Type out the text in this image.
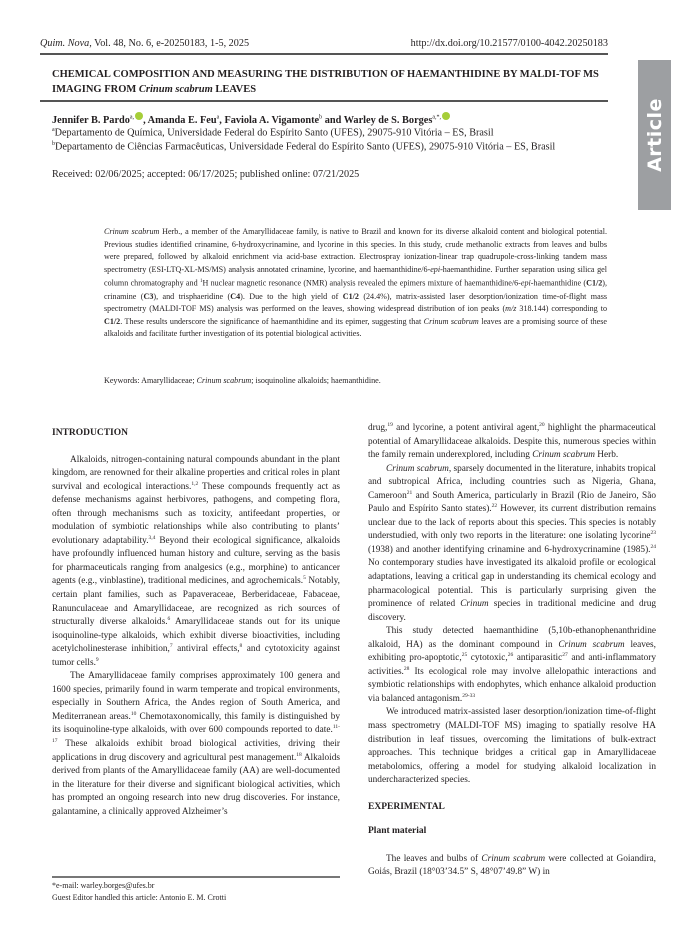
Quim. Nova, Vol. 48, No. 6, e-20250183, 1-5, 2025	http://dx.doi.org/10.21577/0100-4042.20250183
Article
CHEMICAL COMPOSITION AND MEASURING THE DISTRIBUTION OF HAEMANTHIDINE BY MALDI-TOF MS IMAGING FROM Crinum scabrum LEAVES
Jennifer B. Pardo$^{a,}$ , Amanda E. Feu$^a$, Faviola A. Vigamonte$^b$ and Warley de S. Borges$^{a,*,}$
$^a$Departamento de Química, Universidade Federal do Espírito Santo (UFES), 29075-910 Vitória – ES, Brasil
$^b$Departamento de Ciências Farmacêuticas, Universidade Federal do Espírito Santo (UFES), 29075-910 Vitória – ES, Brasil
Received: 02/06/2025; accepted: 06/17/2025; published online: 07/21/2025
Crinum scabrum Herb., a member of the Amaryllidaceae family, is native to Brazil and known for its diverse alkaloid content and biological potential. Previous studies identified crinamine, 6-hydroxycrinamine, and lycorine in this species. In this study, crude methanolic extracts from leaves and bulbs were prepared, followed by alkaloid enrichment via acid-base extraction. Electrospray ionization-linear trap quadrupole-cross-linking tandem mass spectrometry (ESI-LTQ-XL-MS/MS) analysis annotated crinamine, lycorine, and haemanthidine/6-epi-haemanthidine. Further separation using silica gel column chromatography and $^1$H nuclear magnetic resonance (NMR) analysis revealed the epimers mixture of haemanthidine/6-epi-haemanthidine (C1/2), crinamine (C3), and trisphaeridine (C4). Due to the high yield of C1/2 (24.4%), matrix-assisted laser desorption/ionization time-of-flight mass spectrometry (MALDI-TOF MS) analysis was performed on the leaves, showing widespread distribution of ion peaks (m/z 318.144) corresponding to C1/2. These results underscore the significance of haemanthidine and its epimer, suggesting that Crinum scabrum leaves are a promising source of these alkaloids and facilitate further investigation of its potential biological activities.
Keywords: Amaryllidaceae; Crinum scabrum; isoquinoline alkaloids; haemanthidine.

INTRODUCTION

Alkaloids, nitrogen-containing natural compounds abundant in the plant kingdom, are renowned for their alkaline properties and critical roles in plant survival and ecological interactions.$^{1,2}$ These compounds frequently act as defense mechanisms against herbivores, pathogens, and competing flora, often through mechanisms such as toxicity, antifeedant properties, or modulation of symbiotic relationships while also contributing to plants’ evolutionary adaptability.$^{3,4}$ Beyond their ecological significance, alkaloids have profoundly influenced human history and culture, serving as the basis for pharmaceuticals ranging from analgesics (e.g., morphine) to anticancer agents (e.g., vinblastine), traditional medicines, and agrochemicals.$^5$ Notably, certain plant families, such as Papaveraceae, Berberidaceae, Fabaceae, Ranunculaceae and Amaryllidaceae, are recognized as rich sources of structurally diverse alkaloids.$^6$ Amaryllidaceae stands out for its unique isoquinoline-type alkaloids, which exhibit diverse bioactivities, including acetylcholinesterase inhibition,$^7$ antiviral effects,$^8$ and cytotoxicity against tumor cells.$^9$

The Amaryllidaceae family comprises approximately 100 genera and 1600 species, primarily found in warm temperate and tropical environments, especially in Southern Africa, the Andes region of South America, and Mediterranean areas.$^{10}$ Chemotaxonomically, this family is distinguished by its isoquinoline-type alkaloids, with over 600 compounds reported to date.$^{11-17}$ These alkaloids exhibit broad biological activities, driving their applications in drug discovery and agricultural pest management.$^{18}$ Alkaloids derived from plants of the Amaryllidaceae family (AA) are well-documented in the literature for their diverse and significant biological activities, which has prompted an ongoing research into new drug discoveries. For instance, galantamine, a clinically approved Alzheimer’s

drug,$^{19}$ and lycorine, a potent antiviral agent,$^{20}$ highlight the pharmaceutical potential of Amaryllidaceae alkaloids. Despite this, numerous species within the family remain underexplored, including Crinum scabrum Herb.

Crinum scabrum, sparsely documented in the literature, inhabits tropical and subtropical Africa, including countries such as Nigeria, Ghana, Cameroon$^{21}$ and South America, particularly in Brazil (Rio de Janeiro, São Paulo and Espírito Santo states).$^{22}$ However, its current distribution remains unclear due to the lack of reports about this species. This species is notably understudied, with only two reports in the literature: one isolating lycorine$^{23}$ (1938) and another identifying crinamine and 6-hydroxycrinamine (1985).$^{24}$ No contemporary studies have investigated its alkaloid profile or ecological adaptations, leaving a critical gap in understanding its chemical ecology and pharmacological potential. This is particularly surprising given the prominence of related Crinum species in traditional medicine and drug discovery.

This study detected haemanthidine (5,10b-ethanophenanthridine alkaloid, HA) as the dominant compound in Crinum scabrum leaves, exhibiting pro-apoptotic,$^{25}$ cytotoxic,$^{26}$ antiparasitic$^{27}$ and anti-inflammatory activities.$^{28}$ Its ecological role may involve allelopathic interactions and symbiotic relationships with endophytes, which enhance alkaloid production via balanced antagonism.$^{29-33}$

We introduced matrix-assisted laser desorption/ionization time-of-flight mass spectrometry (MALDI-TOF MS) imaging to spatially resolve HA distribution in leaf tissues, overcoming the limitations of bulk-extract approaches. This technique bridges a critical gap in Amaryllidaceae metabolomics, offering a model for studying alkaloid localization in undercharacterized species.

EXPERIMENTAL

Plant material

The leaves and bulbs of Crinum scabrum were collected at Goiandira, Goiás, Brazil (18°03’34.5” S, 48°07’49.8” W) in

*e-mail: warley.borges@ufes.br
Guest Editor handled this article: Antonio E. M. Crotti
